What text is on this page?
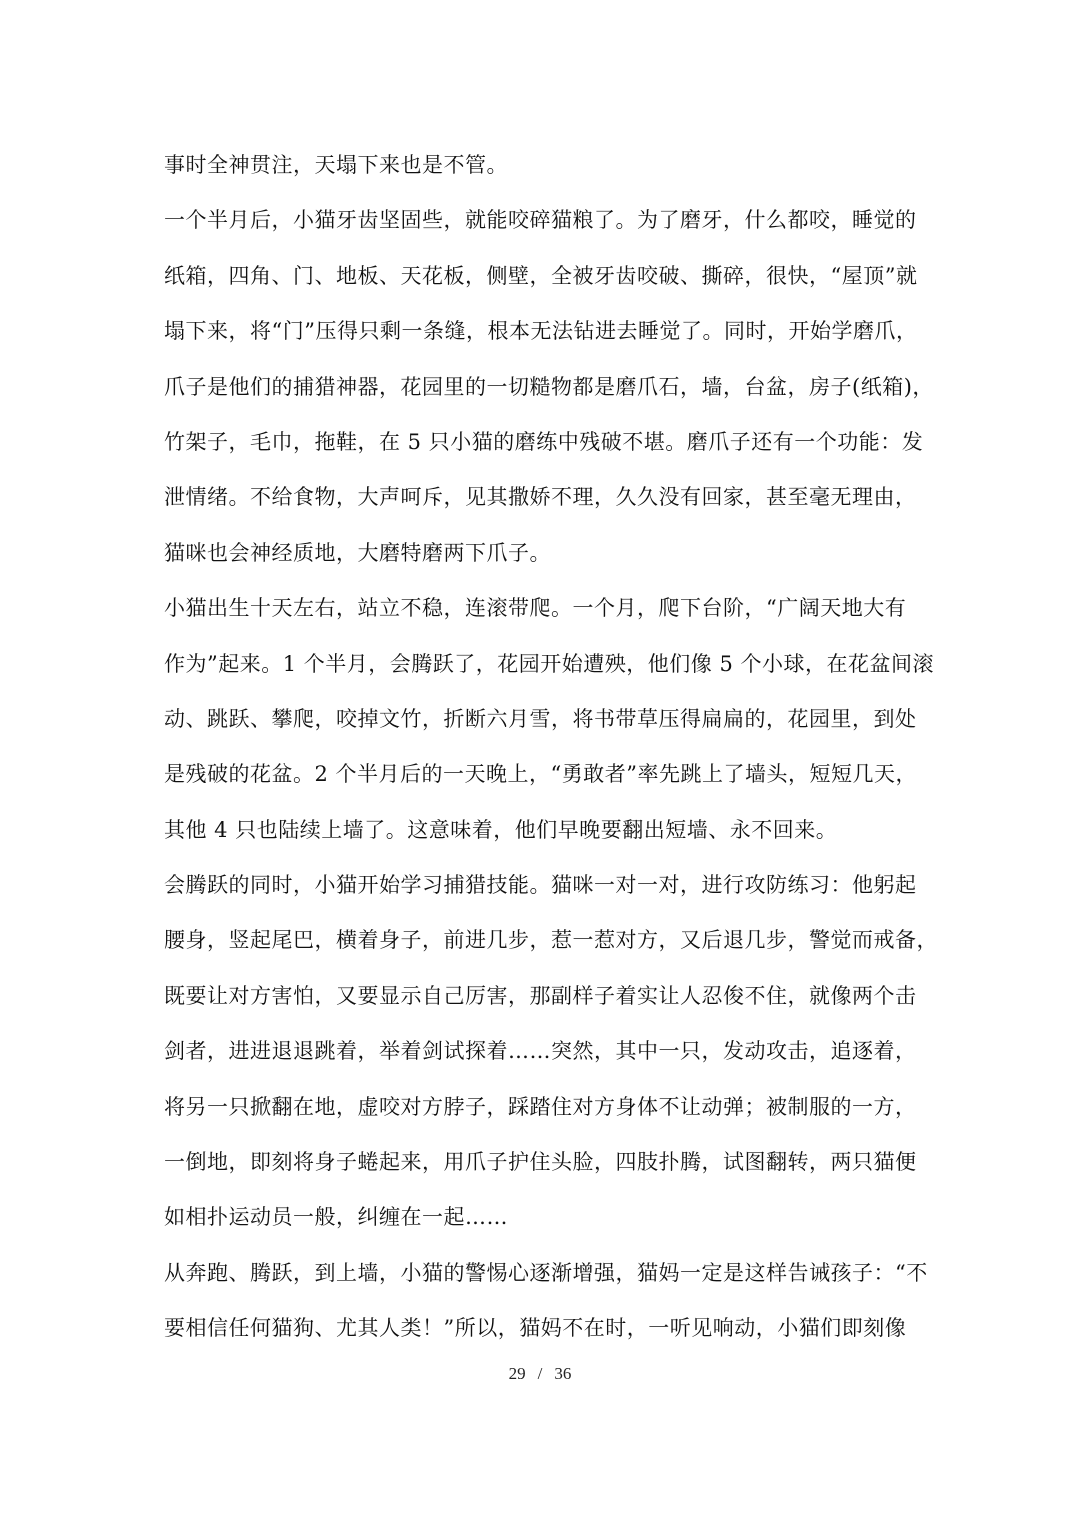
事时全神贯注，天塌下来也是不管。
一个半月后，小猫牙齿坚固些，就能咬碎猫粮了。为了磨牙，什么都咬，睡觉的
纸箱，四角、门、地板、天花板，侧壁，全被牙齿咬破、撕碎，很快，“屋顶”就
塌下来，将“门”压得只剩一条缝，根本无法钻进去睡觉了。同时，开始学磨爪，
爪子是他们的捕猎神器，花园里的一切糙物都是磨爪石，墙，台盆，房子(纸箱)，
竹架子，毛巾，拖鞋，在 5 只小猫的磨练中残破不堪。磨爪子还有一个功能：发
泄情绪。不给食物，大声呵斥，见其撒娇不理，久久没有回家，甚至毫无理由，
猫咪也会神经质地，大磨特磨两下爪子。
小猫出生十天左右，站立不稳，连滚带爬。一个月，爬下台阶，“广阔天地大有
作为”起来。1 个半月，会腾跃了，花园开始遭殃，他们像 5 个小球，在花盆间滚
动、跳跃、攀爬，咬掉文竹，折断六月雪，将书带草压得扁扁的，花园里，到处
是残破的花盆。2 个半月后的一天晚上，“勇敢者”率先跳上了墙头，短短几天，
其他 4 只也陆续上墙了。这意味着，他们早晚要翻出短墙、永不回来。
会腾跃的同时，小猫开始学习捕猎技能。猫咪一对一对，进行攻防练习：他躬起
腰身，竖起尾巴，横着身子，前进几步，惹一惹对方，又后退几步，警觉而戒备，
既要让对方害怕，又要显示自己厉害，那副样子着实让人忍俊不住，就像两个击
剑者，进进退退跳着，举着剑试探着……突然，其中一只，发动攻击，追逐着，
将另一只掀翻在地，虚咬对方脖子，踩踏住对方身体不让动弹；被制服的一方，
一倒地，即刻将身子蜷起来，用爪子护住头脸，四肢扑腾，试图翻转，两只猫便
如相扑运动员一般，纠缠在一起……
从奔跑、腾跃，到上墙，小猫的警惕心逐渐增强，猫妈一定是这样告诫孩子：“不
要相信任何猫狗、尤其人类！”所以，猫妈不在时，一听见响动，小猫们即刻像
29 / 36
